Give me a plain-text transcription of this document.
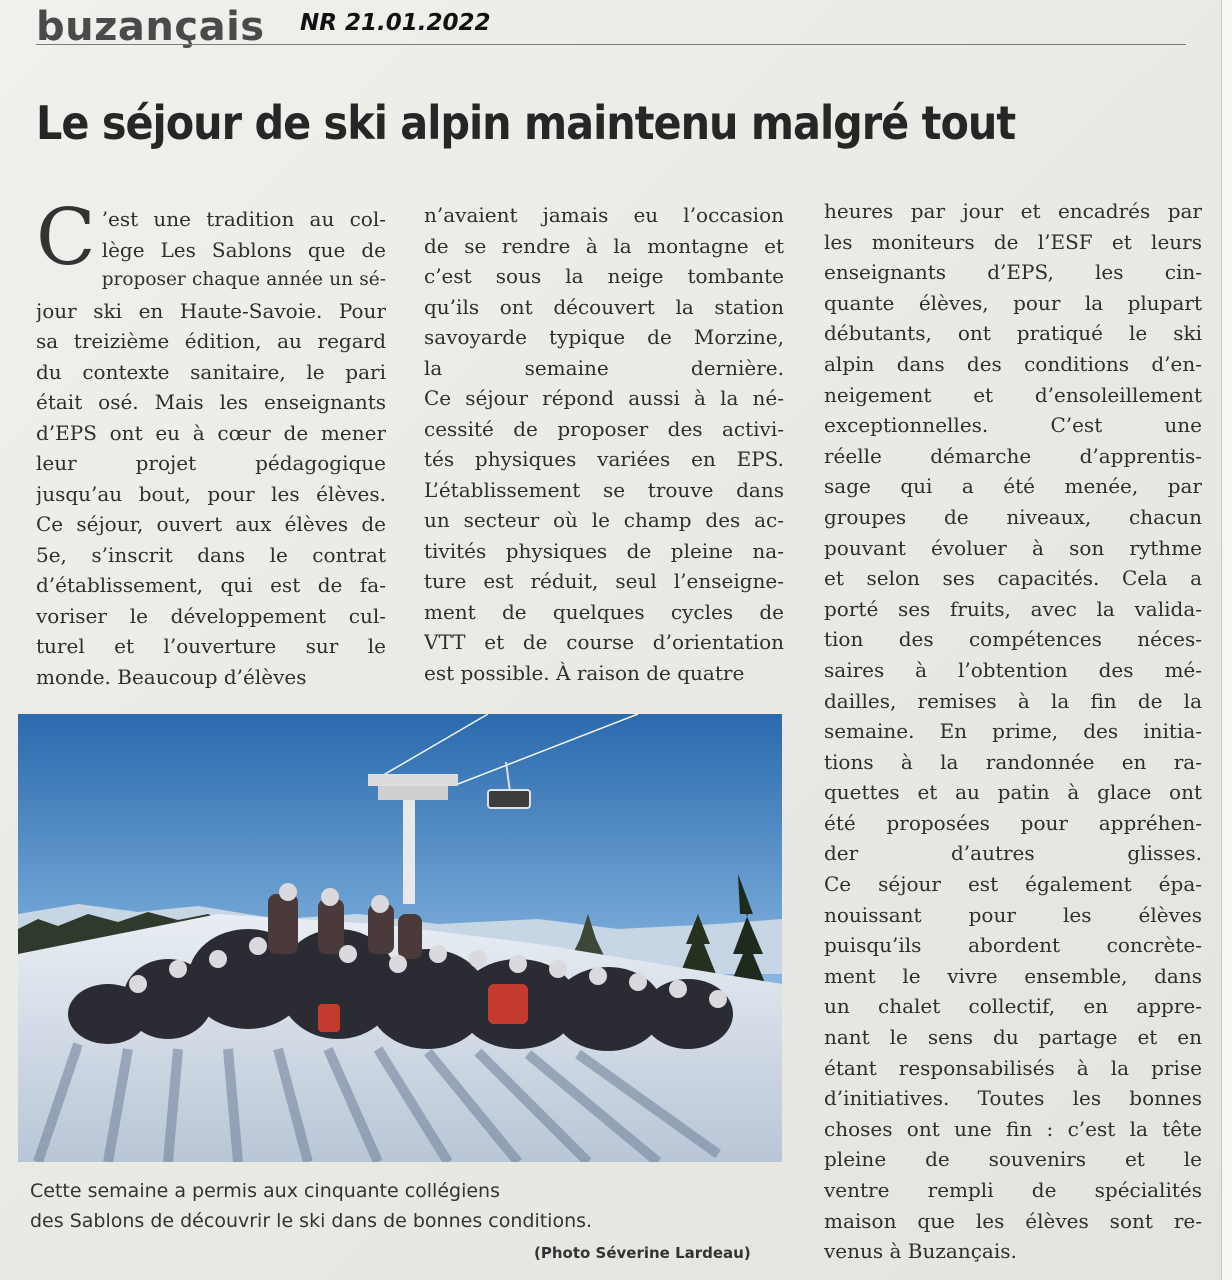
buzançais NR 21.01.2022
Le séjour de ski alpin maintenu malgré tout
C ’est une tradition au col-
lège Les Sablons que de
proposer chaque année un sé-
jour ski en Haute-Savoie. Pour
sa treizième édition, au regard
du contexte sanitaire, le pari
était osé. Mais les enseignants
d’EPS ont eu à cœur de mener
leur projet pédagogique
jusqu’au bout, pour les élèves.
Ce séjour, ouvert aux élèves de
5e, s’inscrit dans le contrat
d’établissement, qui est de fa-
voriser le développement cul-
turel et l’ouverture sur le
monde. Beaucoup d’élèves
n’avaient jamais eu l’occasion
de se rendre à la montagne et
c’est sous la neige tombante
qu’ils ont découvert la station
savoyarde typique de Morzine,
la semaine dernière.
Ce séjour répond aussi à la né-
cessité de proposer des activi-
tés physiques variées en EPS.
L’établissement se trouve dans
un secteur où le champ des ac-
tivités physiques de pleine na-
ture est réduit, seul l’enseigne-
ment de quelques cycles de
VTT et de course d’orientation
est possible. À raison de quatre
heures par jour et encadrés par
les moniteurs de l’ESF et leurs
enseignants d’EPS, les cin-
quante élèves, pour la plupart
débutants, ont pratiqué le ski
alpin dans des conditions d’en-
neigement et d’ensoleillement
exceptionnelles. C’est une
réelle démarche d’apprentis-
sage qui a été menée, par
groupes de niveaux, chacun
pouvant évoluer à son rythme
et selon ses capacités. Cela a
porté ses fruits, avec la valida-
tion des compétences néces-
saires à l’obtention des mé-
dailles, remises à la fin de la
semaine. En prime, des initia-
tions à la randonnée en ra-
quettes et au patin à glace ont
été proposées pour appréhen-
der d’autres glisses.
Ce séjour est également épa-
nouissant pour les élèves
puisqu’ils abordent concrète-
ment le vivre ensemble, dans
un chalet collectif, en appre-
nant le sens du partage et en
étant responsabilisés à la prise
d’initiatives. Toutes les bonnes
choses ont une fin : c’est la tête
pleine de souvenirs et le
ventre rempli de spécialités
maison que les élèves sont re-
venus à Buzançais.
Cette semaine a permis aux cinquante collégiens
des Sablons de découvrir le ski dans de bonnes conditions.
(Photo Séverine Lardeau)
